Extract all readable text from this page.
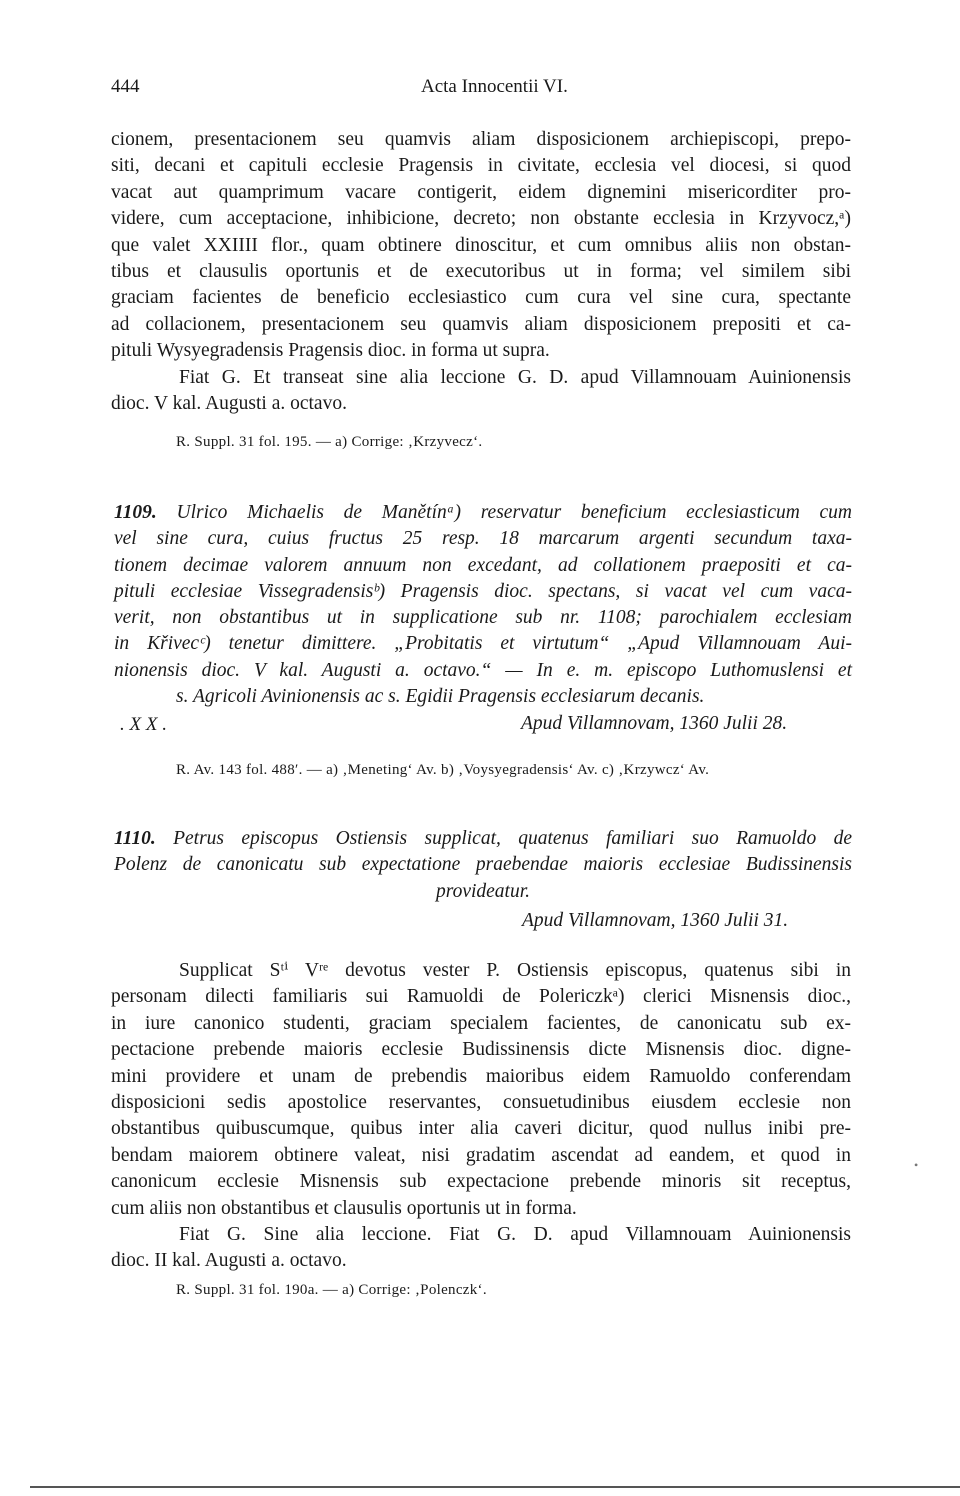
444	Acta Innocentii VI.
cionem, presentacionem seu quamvis aliam disposicionem archiepiscopi, prepo-
siti, decani et capituli ecclesie Pragensis in civitate, ecclesia vel diocesi, si quod
vacat aut quamprimum vacare contigerit, eidem dignemini misericorditer pro-
videre, cum acceptacione, inhibicione, decreto; non obstante ecclesia in Krzyvocz,ᵃ)
que valet XXIIII flor., quam obtinere dinoscitur, et cum omnibus aliis non obstan-
tibus et clausulis oportunis et de executoribus ut in forma; vel similem sibi
graciam facientes de beneficio ecclesiastico cum cura vel sine cura, spectante
ad collacionem, presentacionem seu quamvis aliam disposicionem prepositi et ca-
pituli Wysyegradensis Pragensis dioc. in forma ut supra.
Fiat G. Et transeat sine alia leccione G. D. apud Villamnouam Auinionensis
dioc. V kal. Augusti a. octavo.
R. Suppl. 31 fol. 195. — a) Corrige: ‚Krzyvecz‘.
1109. Ulrico Michaelis de Manětínᵃ) reservatur beneficium ecclesiasticum cum
vel sine cura, cuius fructus 25 resp. 18 marcarum argenti secundum taxa-
tionem decimae valorem annuum non excedant, ad collationem praepositi et ca-
pituli ecclesiae Vissegradensisᵇ) Pragensis dioc. spectans, si vacat vel cum vaca-
verit, non obstantibus ut in supplicatione sub nr. 1108; parochialem ecclesiam
in Křivecᶜ) tenetur dimittere. „Probitatis et virtutum“ „Apud Villamnouam Aui-
nionensis dioc. V kal. Augusti a. octavo.“ — In e. m. episcopo Luthomuslensi et
s. Agricoli Avinionensis ac s. Egidii Pragensis ecclesiarum decanis.
. X X .	Apud Villamnovam, 1360 Julii 28.
R. Av. 143 fol. 488′. — a) ‚Meneting‘ Av. b) ‚Voysyegradensis‘ Av. c) ‚Krzywcz‘ Av.
1110. Petrus episcopus Ostiensis supplicat, quatenus familiari suo Ramuoldo de
Polenz de canonicatu sub expectatione praebendae maioris ecclesiae Budissinensis
provideatur.
Apud Villamnovam, 1360 Julii 31.
Supplicat Sᵗⁱ Vʳᵉ devotus vester P. Ostiensis episcopus, quatenus sibi in
personam dilecti familiaris sui Ramuoldi de Polericzkᵃ) clerici Misnensis dioc.,
in iure canonico studenti, graciam specialem facientes, de canonicatu sub ex-
pectacione prebende maioris ecclesie Budissinensis dicte Misnensis dioc. digne-
mini providere et unam de prebendis maioribus eidem Ramuoldo conferendam
disposicioni sedis apostolice reservantes, consuetudinibus eiusdem ecclesie non
obstantibus quibuscumque, quibus inter alia caveri dicitur, quod nullus inibi pre-
bendam maiorem obtinere valeat, nisi gradatim ascendat ad eandem, et quod in
canonicum ecclesie Misnensis sub expectacione prebende minoris sit receptus,
cum aliis non obstantibus et clausulis oportunis ut in forma.
Fiat G. Sine alia leccione. Fiat G. D. apud Villamnouam Auinionensis
dioc. II kal. Augusti a. octavo.
R. Suppl. 31 fol. 190a. — a) Corrige: ‚Polenczk‘.
•
